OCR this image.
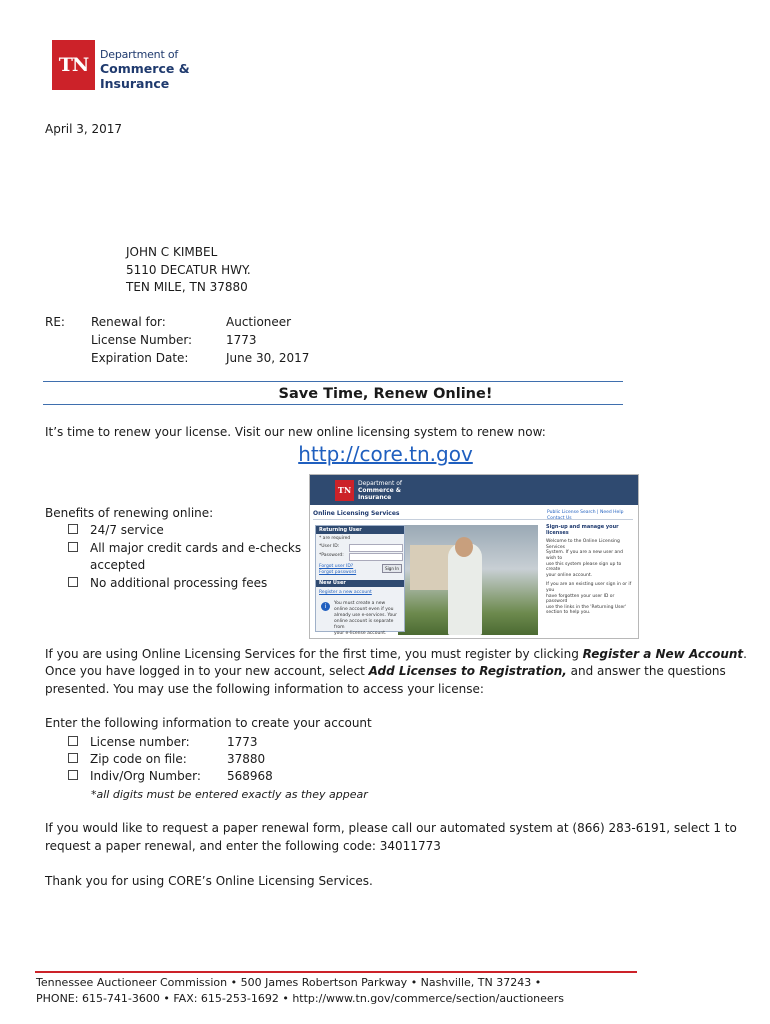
TN	Department of
Commerce &
Insurance
April 3, 2017
JOHN C KIMBEL
5110 DECATUR HWY.
TEN MILE, TN 37880
RE: Renewal for:	Auctioneer
License Number:	1773
Expiration Date:	June 30, 2017
Save Time, Renew Online!
It’s time to renew your license. Visit our new online licensing system to renew now:
http://core.tn.gov
Benefits of renewing online:
24/7 service
All major credit cards and e-checks
accepted
No additional processing fees
TN
Department of
Commerce &
Insurance
Online Licensing Services	Public License Search | Need Help
Returning User
* are required
*User ID:
*Password:
Forgot user ID?
Forgot password
Sign In
New User
Register a new account
i	You must create a new
online account even if you
already use e-services. Your
online account is separate from
your e-license account.
Sign-up and manage your
licenses
Welcome to the Online Licensing Services
System. If you are a new user and wish to
use this system please sign up to create
your online account.
If you are an existing user sign in or if you
have forgotten your user ID or password
use the links in the 'Returning User'
section to help you.
If you are using Online Licensing Services for the first time, you must register by clicking Register a New Account.
Once you have logged in to your new account, select Add Licenses to Registration, and answer the questions
presented. You may use the following information to access your license:
Enter the following information to create your account
License number:	1773
Zip code on file:	37880
Indiv/Org Number: 568968
*all digits must be entered exactly as they appear
If you would like to request a paper renewal form, please call our automated system at (866) 283-6191, select 1 to
request a paper renewal, and enter the following code: 34011773
Thank you for using CORE’s Online Licensing Services.
Tennessee Auctioneer Commission • 500 James Robertson Parkway • Nashville, TN 37243 •
PHONE: 615-741-3600 • FAX: 615-253-1692 • http://www.tn.gov/commerce/section/auctioneers
